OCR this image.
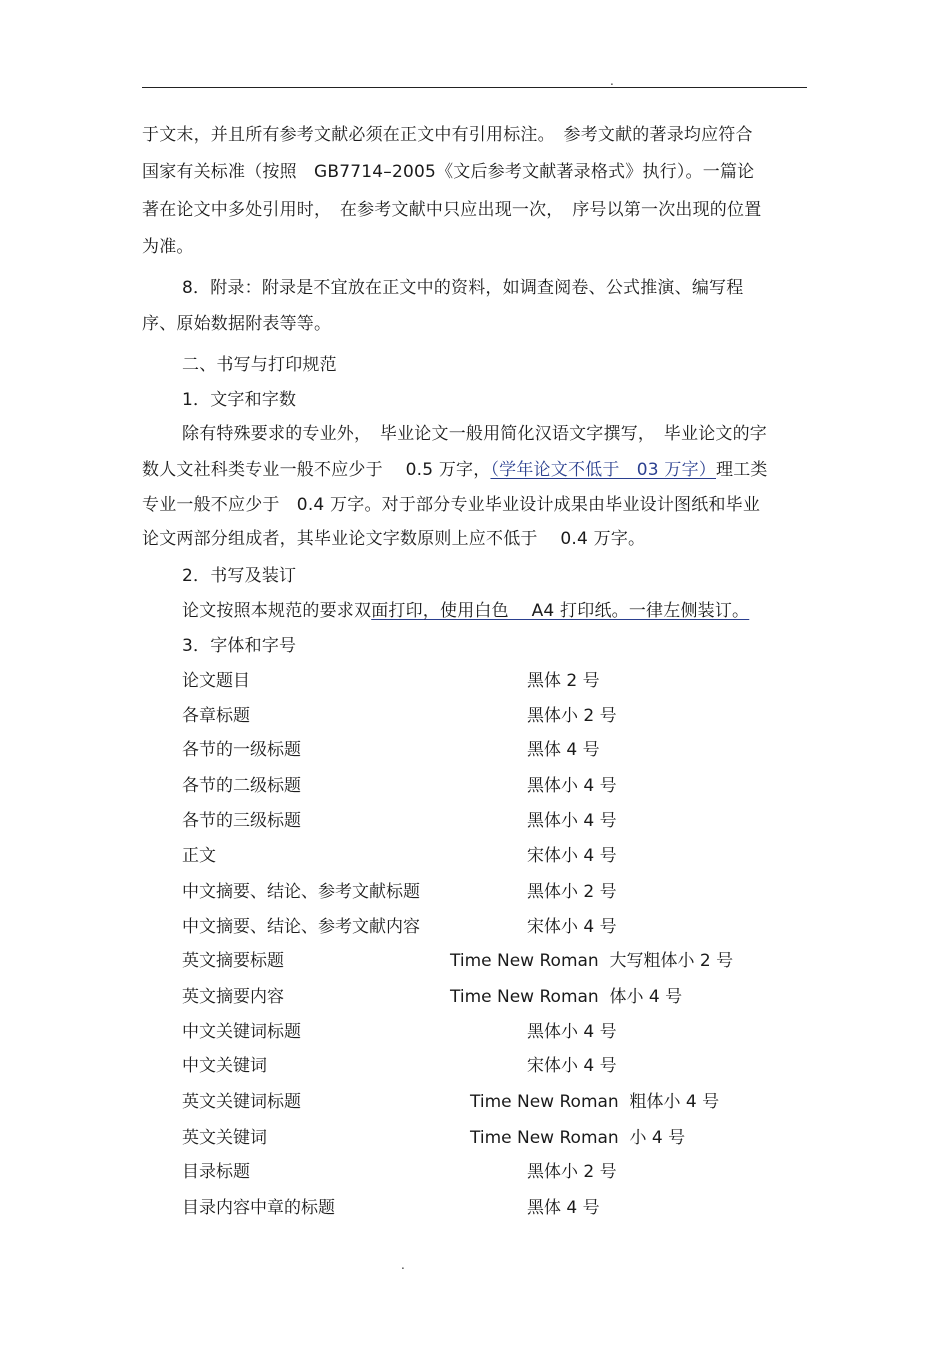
.
于文末，并且所有参考文献必须在正文中有引用标注。　参考文献的著录均应符合
国家有关标准（按照　GB7714–2005《文后参考文献著录格式》执行）。一篇论
著在论文中多处引用时，　在参考文献中只应出现一次，　序号以第一次出现的位置
为准。
8．附录：附录是不宜放在正文中的资料，如调查阅卷、公式推演、编写程
序、原始数据附表等等。
二、书写与打印规范
1．文字和字数
除有特殊要求的专业外，　毕业论文一般用简化汉语文字撰写，　毕业论文的字
数人文社科类专业一般不应少于　 0.5 万字，（学年论文不低于　03 万字）理工类
专业一般不应少于　0.4 万字。对于部分专业毕业设计成果由毕业设计图纸和毕业
论文两部分组成者，其毕业论文字数原则上应不低于　 0.4 万字。
2．书写及装订
论文按照本规范的要求双面打印，使用白色　 A4 打印纸。一律左侧装订。
3．字体和字号
论文题目	黑体 2 号
各章标题	黑体小 2 号
各节的一级标题	黑体 4 号
各节的二级标题	黑体小 4 号
各节的三级标题	黑体小 4 号
正文	宋体小 4 号
中文摘要、结论、参考文献标题	黑体小 2 号
中文摘要、结论、参考文献内容	宋体小 4 号
英文摘要标题	Time New Roman  大写粗体小 2 号
英文摘要内容	Time New Roman  体小 4 号
中文关键词标题	黑体小 4 号
中文关键词	宋体小 4 号
英文关键词标题	Time New Roman  粗体小 4 号
英文关键词	Time New Roman  小 4 号
目录标题	黑体小 2 号
目录内容中章的标题	黑体 4 号
.
